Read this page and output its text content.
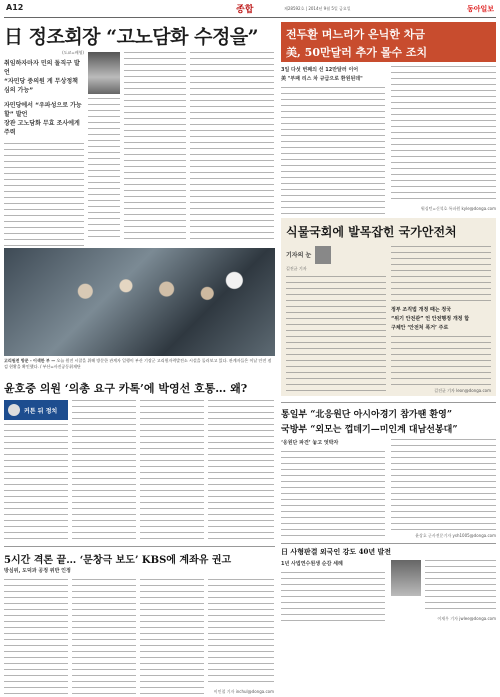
A12	종합	제28592호 | 2014년 9월 5일 금요일	동아일보
日 정조회장 “고노담화 수정을”
(도쿄=배영)
취임하자마자 민의 돌직구 발언
“자민당 중의원 게 무상정책 심의 가능”
자민당에서 “우파성으로 가능할” 발언
장관 고노담화 무효 조사에게 주력
고리원전 방문 - 이색한 부 — 오늘 원전 시찰을 위해 방문한 관계자 일행이 부산 기장군 고리원자력발전소 시설을 둘러보고 있다. 관계자들은 이날 안전 점검 현황을 확인했다. / 부산=사진공동취재단
윤호중 의원 ‘의총 요구 카톡’에 박영선 호통… 왜?
커튼 뒤 정치
5시간 격론 끝… ‘문창극 보도’ KBS에 계좌유 권고
방심위, 도덕과 공정 위반 인정
이인철 기자 inchul@donga.com
전두환 며느리가 은닉한 차금
美, 50만달러 추가 몰수 조치
3일 다섯 번째의 선 12만달러 이어
美 "부패 리스 차 규급으로 환원된데"
워싱턴=신석호 특파원 kyle@donga.com
식물국회에 발목잡힌 국가안전처
기자의 눈
길진균 기자
정부 조직법 개정 때는 정국
“위기 안전관” 언 안전행정 개정 합
구체안 ‘안전처 폭거’ 주로
길진균 기자 leon@donga.com
통일부 “北응원단 아시아경기 참가땐 환영”
국방부 “외모는 껍데기—미인계 대남선봉대”
‘응원단 파견’ 놓고 엇박자
윤상호 군사전문기자 ysh1005@donga.com
日 사형판결 외국인 강도 40년 발전
1년 사법연수원생 순감 세례
이재우 기자 jwlee@donga.com
